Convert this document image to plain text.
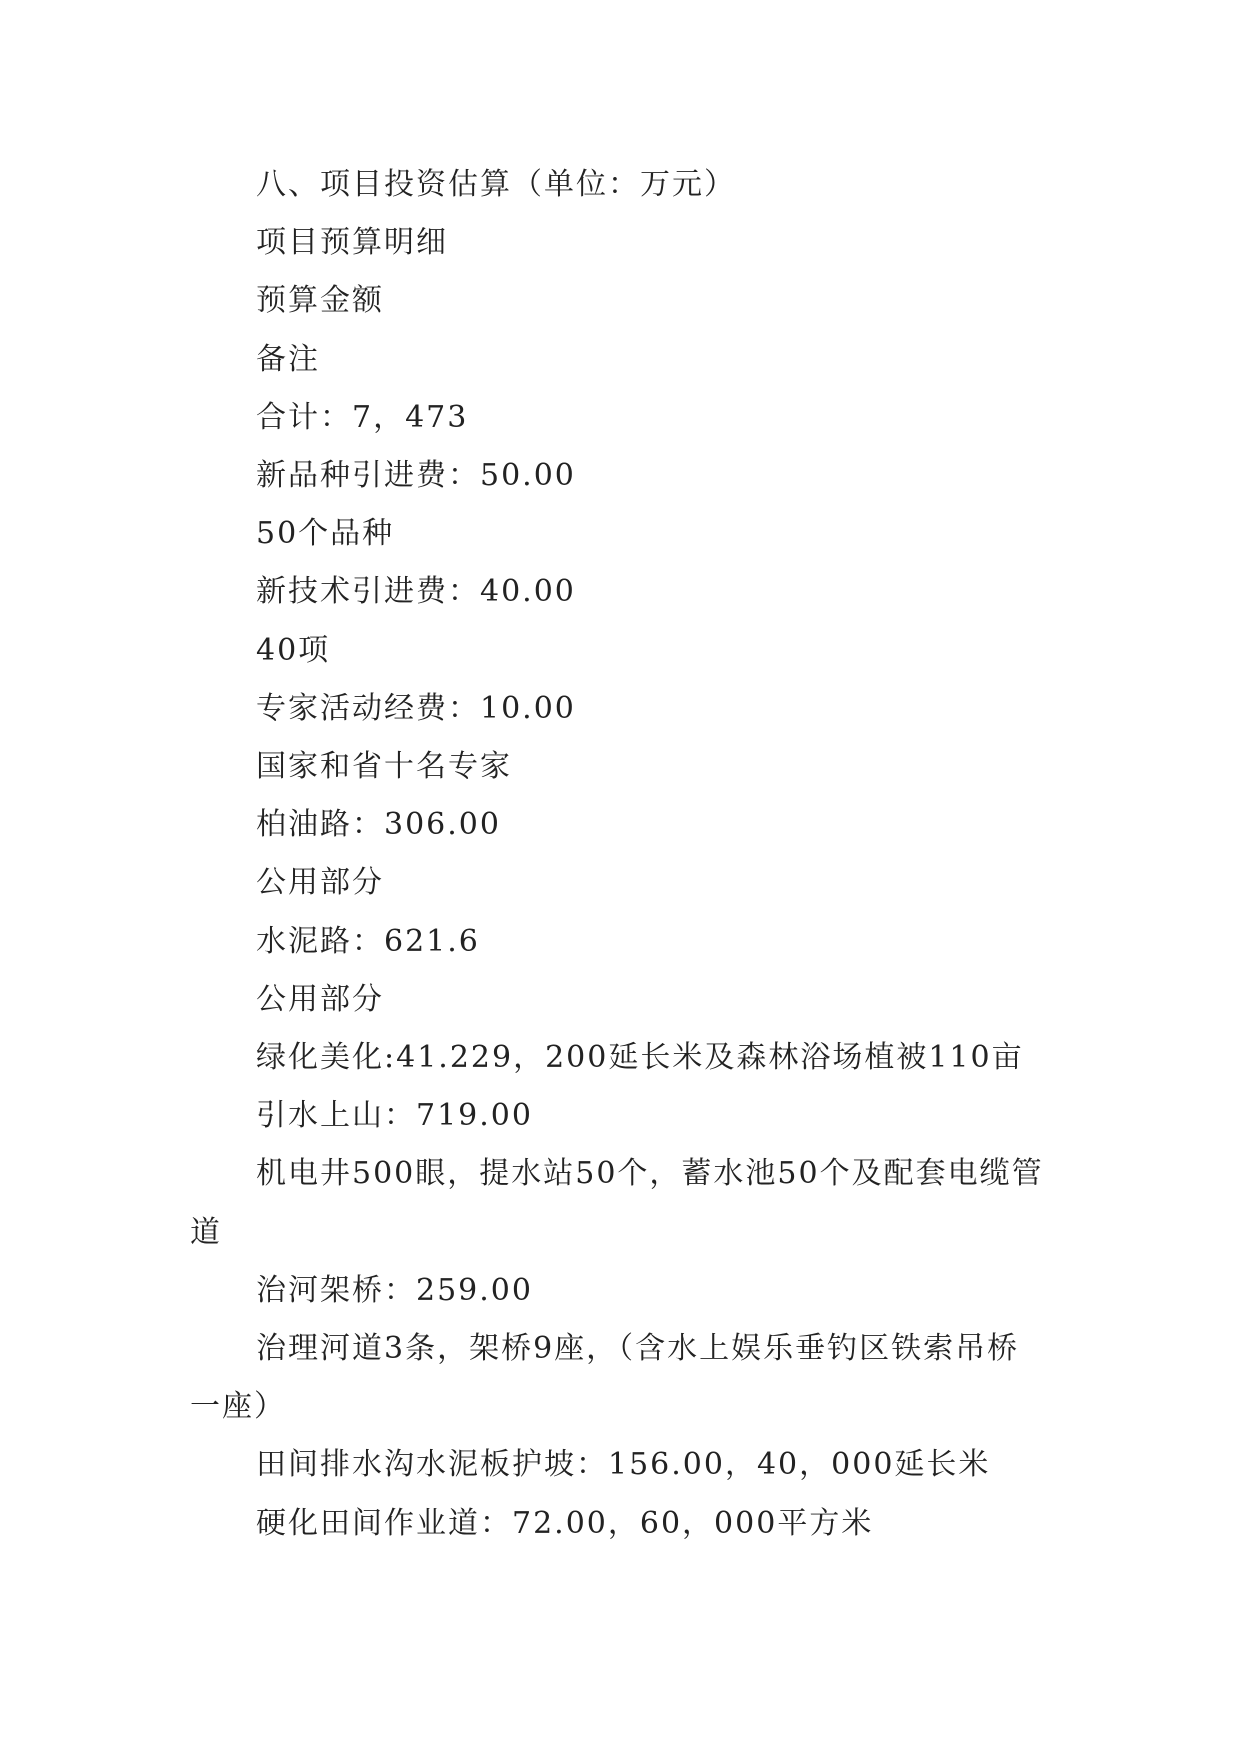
八、项目投资估算（单位：万元）

项目预算明细

预算金额

备注

合计：7，473

新品种引进费：50.00

50个品种

新技术引进费：40.00

40项

专家活动经费：10.00

国家和省十名专家

柏油路：306.00

公用部分

水泥路：621.6

公用部分

绿化美化:41.229，200延长米及森林浴场植被110亩

引水上山：719.00

机电井500眼，提水站50个，蓄水池50个及配套电缆管道

治河架桥：259.00

治理河道3条，架桥9座，（含水上娱乐垂钓区铁索吊桥一座）

田间排水沟水泥板护坡：156.00，40，000延长米

硬化田间作业道：72.00，60，000平方米
